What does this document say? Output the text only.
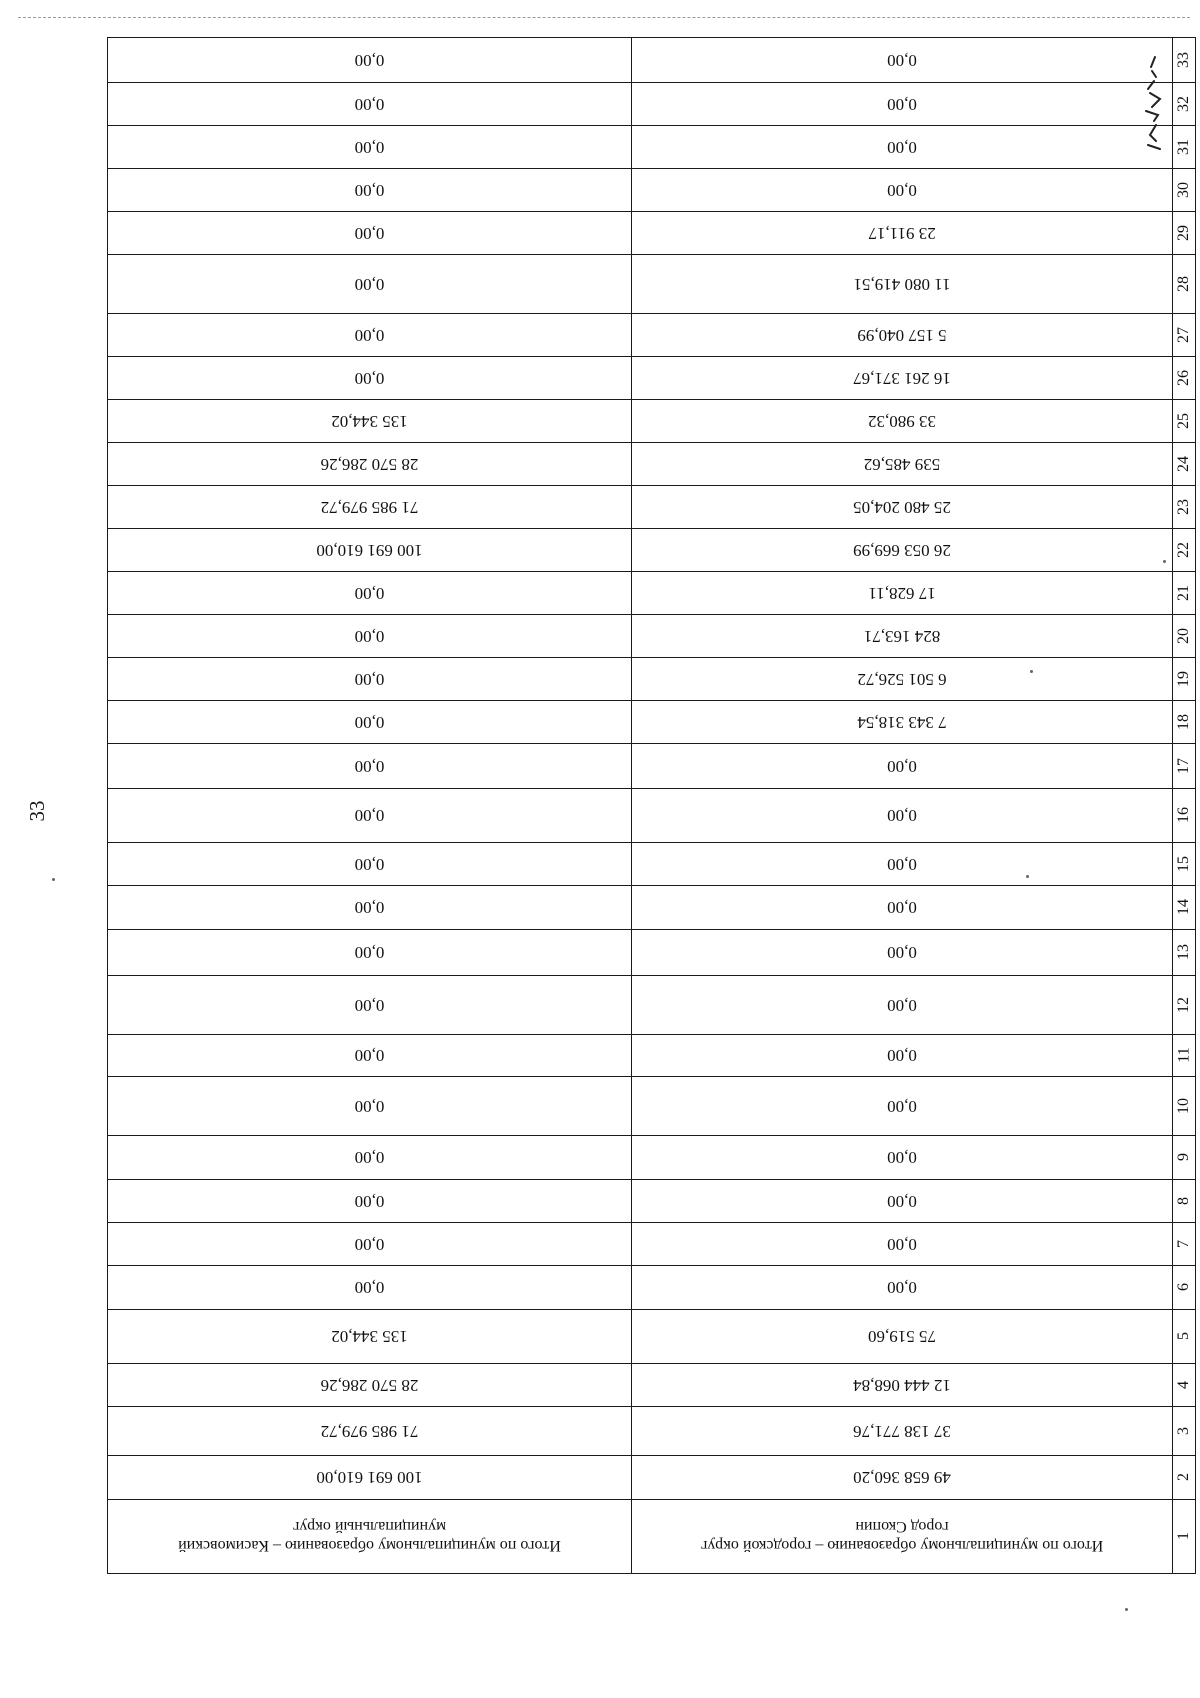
33
1	Итого по муниципальному образованию – городской округ город Скопин	Итого по муниципальному образованию – Касимовский муниципальный округ
2	49 658 360,20	100 691 610,00
3	37 138 771,76	71 985 979,72
4	12 444 068,84	28 570 286,26
5	75 519,60	135 344,02
6	0,00	0,00
7	0,00	0,00
8	0,00	0,00
9	0,00	0,00
10	0,00	0,00
11	0,00	0,00
12	0,00	0,00
13	0,00	0,00
14	0,00	0,00
15	0,00	0,00
16	0,00	0,00
17	0,00	0,00
18	7 343 318,54	0,00
19	6 501 526,72	0,00
20	824 163,71	0,00
21	17 628,11	0,00
22	26 053 669,99	100 691 610,00
23	25 480 204,05	71 985 979,72
24	539 485,62	28 570 286,26
25	33 980,32	135 344,02
26	16 261 371,67	0,00
27	5 157 040,99	0,00
28	11 080 419,51	0,00
29	23 911,17	0,00
30	0,00	0,00
31	0,00	0,00
32	0,00	0,00
33	0,00	0,00
